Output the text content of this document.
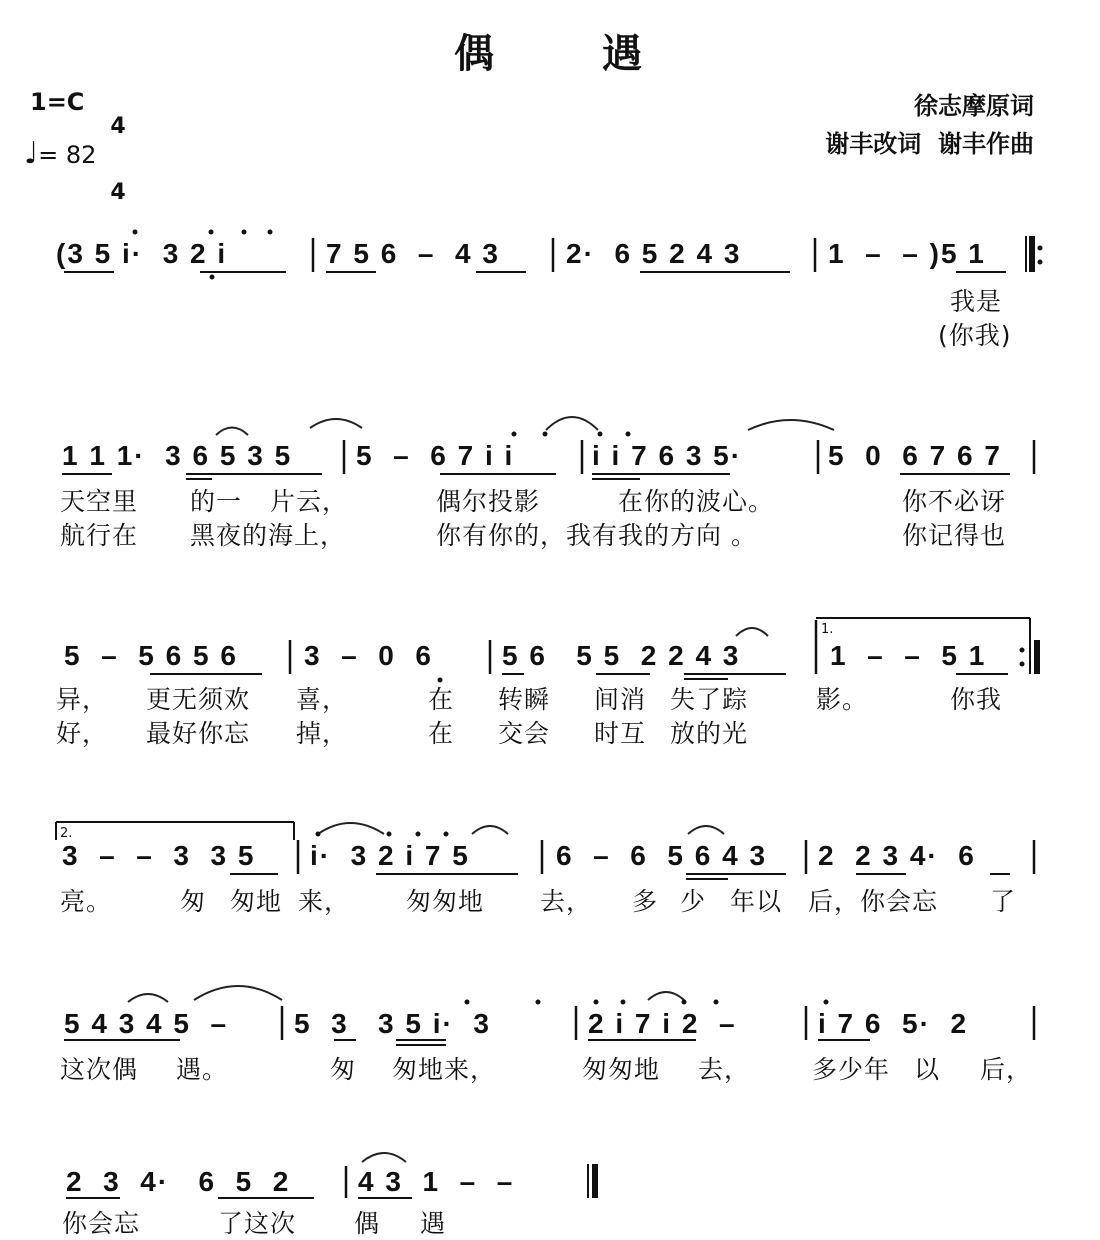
偶	遇
1=C

4

4

♩= 82
徐志摩原词
谢丰改词  谢丰作曲
(3 5 i·  3 2 i	7 5 6  –  4 3 2·  6 5 2 4 3	1  –  – )5 1
我是
(你我)
1 1 1·  3 6 5 3 5 5  –  6 7 i i	i i 7 6 3 5·	5  0  6 7 6 7
天空里 的一 片云，	偶尔投影	在你的波心。	你不必讶
航行在 黑夜的海上，	你有你的，我有我的方向 。	你记得也
5  –  5 6 5 6 3  –  0  6 5 6   5 5  2 2 4 3	1  –  –  5 1
1.
异， 更无须欢 喜，	在 转瞬 间消 失了踪	影。	你我
好， 最好你忘 掉，	在 交会 时互 放的光
2.
3  –  –  3  3 5 i·  3 2 i 7 5	6  –  6  5 6 4 3 2  2 3 4·  6
亮。	匆 匆地 来， 匆匆地 去， 多 少 年以 后，你会忘 了
5 4 3 4 5  – 5  3   3 5 i·  3	2 i 7 i 2  –	i 7 6  5·  2
这次偶 遇。	匆 匆地来，	匆匆地 去， 多少年 以 后，
2  3  4·   6  5  2 4 3  1  –  –
你会忘	了这次 偶 遇
